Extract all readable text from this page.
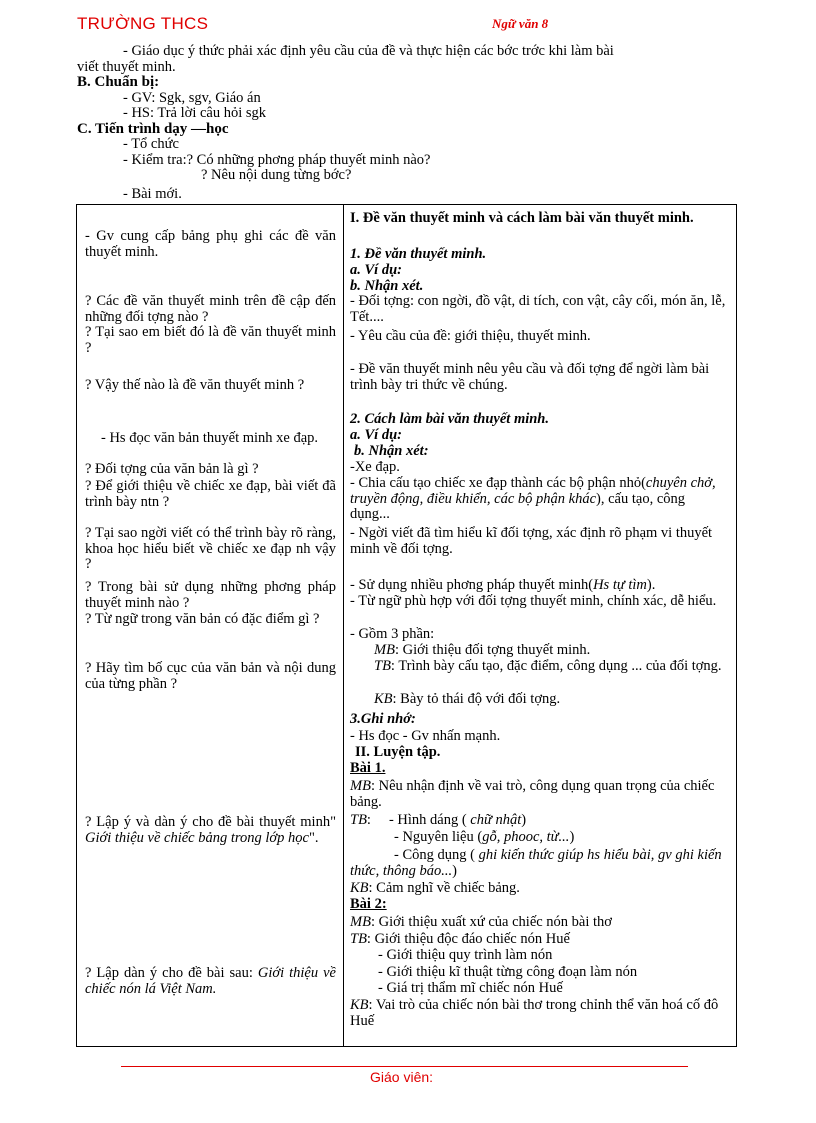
TRƯỜNG THCS	Ngữ văn 8
- Giáo dục ý thức phải xác định yêu cầu của đề và thực hiện các bớc trớc khi làm bài
viết thuyết minh.
B. Chuẩn bị:
- GV: Sgk, sgv, Giáo án
- HS: Trả lời câu hỏi sgk
C. Tiến trình dạy —học
- Tổ chức
- Kiểm tra:? Có những phơng pháp thuyết minh nào?
? Nêu nội dung từng bớc?
- Bài mới.
- Gv cung cấp bảng phụ ghi các đề văn thuyết minh.
? Các đề văn thuyết minh trên đề cập đến những đối tợng nào ?
? Tại sao em biết đó là đề văn thuyết minh ?
? Vậy thế nào là đề văn thuyết minh ?
- Hs đọc văn bản thuyết minh xe đạp.
? Đối tợng của văn bản là gì ?
? Để giới thiệu về chiếc xe đạp, bài viết đã trình bày ntn ?
? Tại sao ngời viết có thể trình bày rõ ràng, khoa học hiểu biết về chiếc xe đạp nh vậy ?
? Trong bài sử dụng những phơng pháp thuyết minh nào ?
? Từ ngữ trong văn bản có đặc điểm gì ?
? Hãy tìm bố cục của văn bản và nội dung của từng phần ?
? Lập ý và dàn ý cho đề bài thuyết minh" Giới thiệu về chiếc bảng trong lớp học".
? Lập dàn ý cho đề bài sau: Giới thiệu về chiếc nón lá Việt Nam.

I. Đề văn thuyết minh và cách làm bài văn thuyết minh.
1. Đề văn thuyết minh.
a. Ví dụ:
b. Nhận xét.
- Đối tợng: con ngời, đồ vật, di tích, con vật, cây cối, món ăn, lễ, Tết....
- Yêu cầu của đề: giới thiệu, thuyết minh.
- Đề văn thuyết minh nêu yêu cầu và đối tợng để ngời làm bài trình bày tri thức về chúng.
2. Cách làm bài văn thuyết minh.
a. Ví dụ:
b. Nhận xét:
-Xe đạp.
- Chia cấu tạo chiếc xe đạp thành các bộ phận nhỏ(chuyên chở, truyền động, điều khiển, các bộ phận khác), cấu tạo, công dụng...
- Ngời viết đã tìm hiểu kĩ đối tợng, xác định rõ phạm vi thuyết minh về đối tợng.
- Sử dụng nhiều phơng pháp thuyết minh(Hs tự tìm).
- Từ ngữ phù hợp với đối tợng thuyết minh, chính xác, dễ hiểu.
- Gồm 3 phần:
MB: Giới thiệu đối tợng thuyết minh.
TB: Trình bày cấu tạo, đặc điểm, công dụng ... của đối tợng.
KB: Bày tỏ thái độ với đối tợng.
3.Ghi nhớ:
- Hs đọc - Gv nhấn mạnh.
II. Luyện tập.
Bài 1.
MB: Nêu nhận định về vai trò, công dụng quan trọng của chiếc bảng.
TB: - Hình dáng ( chữ nhật)
- Nguyên liệu (gỗ, phooc, từ...)
- Công dụng ( ghi kiến thức giúp hs hiểu bài, gv ghi kiến thức, thông báo...)
KB: Cảm nghĩ về chiếc bảng.
Bài 2:
MB: Giới thiệu xuất xứ của chiếc nón bài thơ
TB: Giới thiệu độc đáo chiếc nón Huế
- Giới thiệu quy trình làm nón
- Giới thiệu kĩ thuật từng công đoạn làm nón
- Giá trị thẩm mĩ chiếc nón Huế
KB: Vai trò của chiếc nón bài thơ trong chỉnh thể văn hoá cố đô Huế
Giáo viên:
